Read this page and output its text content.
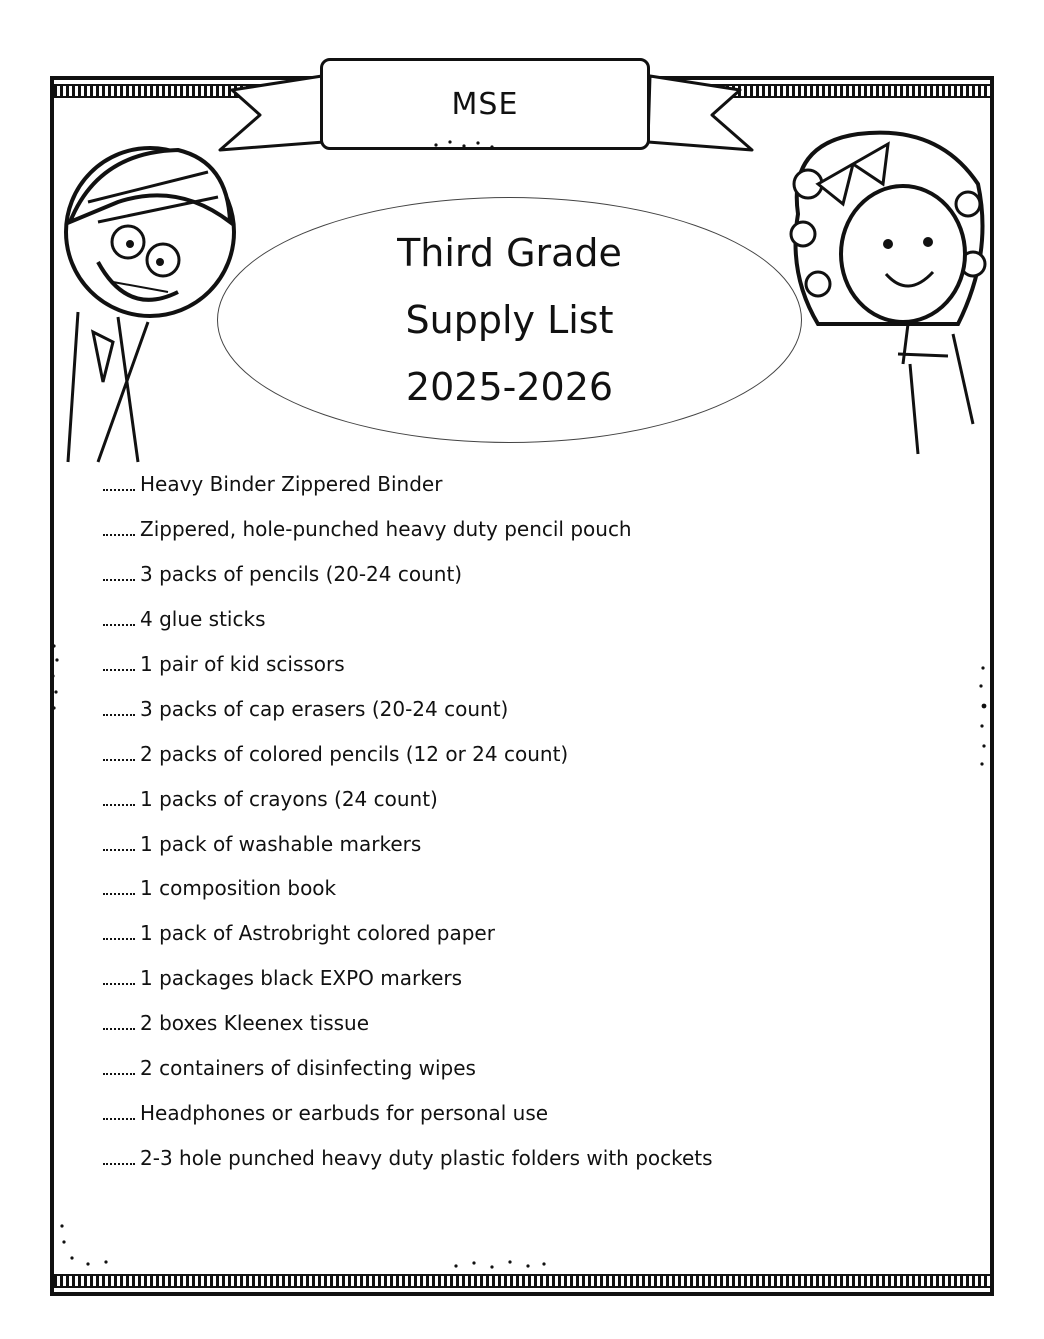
MSE
Third Grade
Supply List
2025-2026
Heavy Binder Zippered Binder
Zippered, hole-punched heavy duty pencil pouch
3 packs of pencils (20-24 count)
4 glue sticks
1 pair of kid scissors
3 packs of cap erasers (20-24 count)
2 packs of colored pencils (12 or 24 count)
1 packs of crayons (24 count)
1 pack of washable markers
1 composition book
1 pack of Astrobright colored paper
1 packages black EXPO markers
2 boxes Kleenex tissue
2 containers of disinfecting wipes
Headphones or earbuds for personal use
2-3 hole punched heavy duty plastic folders with pockets
